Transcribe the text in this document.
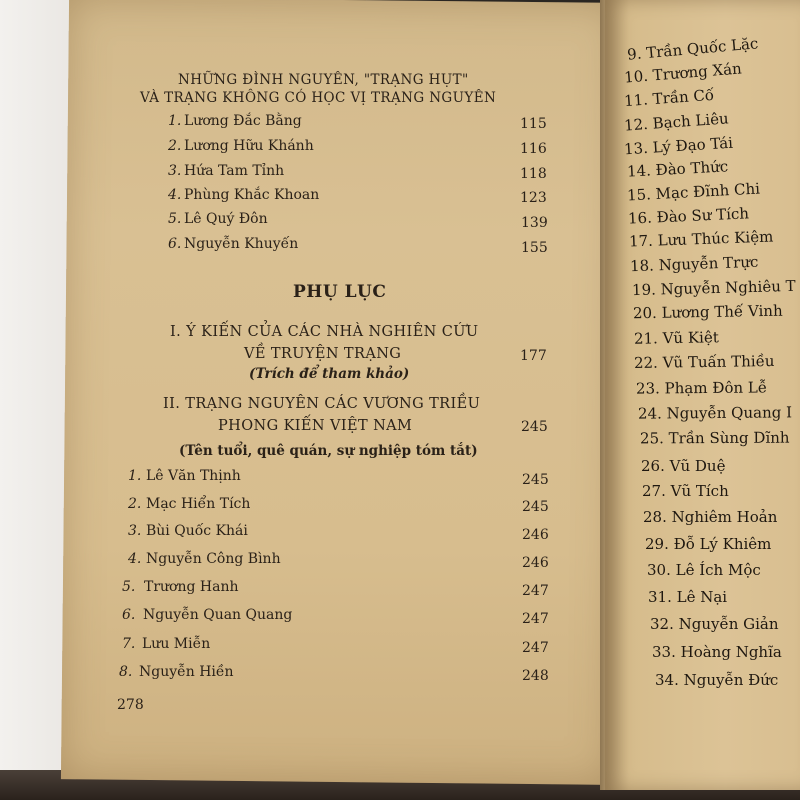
NHỮNG ĐÌNH NGUYÊN, "TRẠNG HỤT"
VÀ TRẠNG KHÔNG CÓ HỌC VỊ TRẠNG NGUYÊN
1. Lương Đắc Bằng	115
2. Lương Hữu Khánh	116
3. Hứa Tam Tỉnh	118
4. Phùng Khắc Khoan	123
5. Lê Quý Đôn	139
6. Nguyễn Khuyến	155
PHỤ LỤC
I. Ý KIẾN CỦA CÁC NHÀ NGHIÊN CỨU
VỀ TRUYỆN TRẠNG	177
(Trích để tham khảo)
II. TRẠNG NGUYÊN CÁC VƯƠNG TRIỀU
PHONG KIẾN VIỆT NAM	245
(Tên tuổi, quê quán, sự nghiệp tóm tắt)
1. Lê Văn Thịnh	245
2. Mạc Hiển Tích	245
3. Bùi Quốc Khái	246
4. Nguyễn Công Bình	246
5. Trương Hanh	247
6. Nguyễn Quan Quang	247
7. Lưu Miễn	247
8. Nguyễn Hiền	248
278
9. Trần Quốc Lặc
10. Trương Xán
11. Trần Cố
12. Bạch Liêu
13. Lý Đạo Tái
14. Đào Thức
15. Mạc Đĩnh Chi
16. Đào Sư Tích
17. Lưu Thúc Kiệm
18. Nguyễn Trực
19. Nguyễn Nghiêu T
20. Lương Thế Vinh
21. Vũ Kiệt
22. Vũ Tuấn Thiều
23. Phạm Đôn Lễ
24. Nguyễn Quang I
25. Trần Sùng Dĩnh
26. Vũ Duệ
27. Vũ Tích
28. Nghiêm Hoản
29. Đỗ Lý Khiêm
30. Lê Ích Mộc
31. Lê Nại
32. Nguyễn Giản
33. Hoàng Nghĩa
34. Nguyễn Đức
